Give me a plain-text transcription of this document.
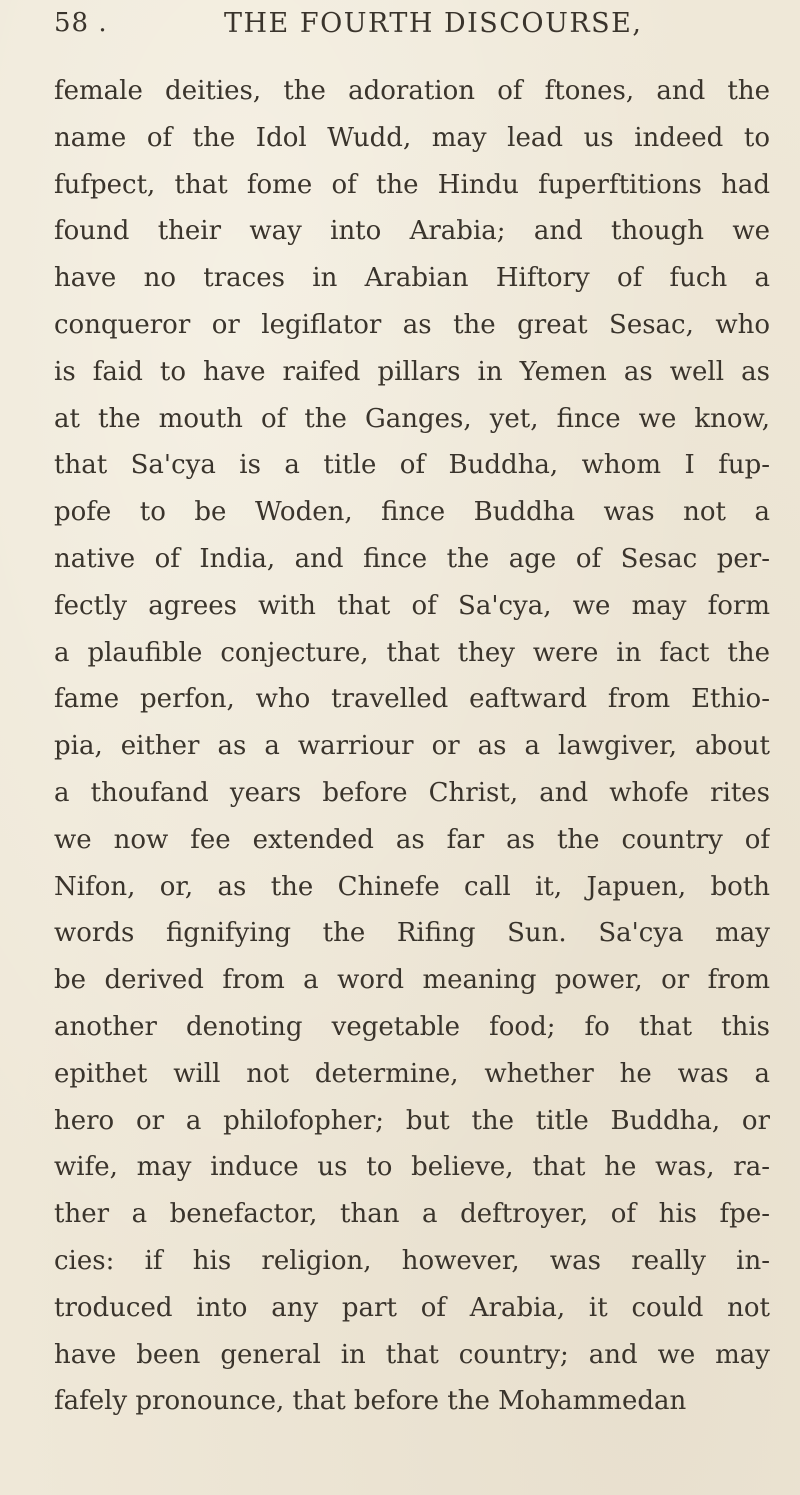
58 .	THE FOURTH DISCOURSE,
female deities, the adoration of ftones, and the
name of the Idol Wudd, may lead us indeed to
fufpect, that fome of the Hindu fuperftitions had
found their way into Arabia; and though we
have no traces in Arabian Hiftory of fuch a
conqueror or legiflator as the great Sesac, who
is faid to have raifed pillars in Yemen as well as
at the mouth of the Ganges, yet, fince we know,
that Sa'cya is a title of Buddha, whom I fup-
pofe to be Woden, fince Buddha was not a
native of India, and fince the age of Sesac per-
fectly agrees with that of Sa'cya, we may form
a plaufible conjecture, that they were in fact the
fame perfon, who travelled eaftward from Ethio-
pia, either as a warriour or as a lawgiver, about
a thoufand years before Christ, and whofe rites
we now fee extended as far as the country of
Nifon, or, as the Chinefe call it, Japuen, both
words fignifying the Rifing Sun. Sa'cya may
be derived from a word meaning power, or from
another denoting vegetable food; fo that this
epithet will not determine, whether he was a
hero or a philofopher; but the title Buddha, or
wife, may induce us to believe, that he was, ra-
ther a benefactor, than a deftroyer, of his fpe-
cies: if his religion, however, was really in-
troduced into any part of Arabia, it could not
have been general in that country; and we may
fafely pronounce, that before the Mohammedan
